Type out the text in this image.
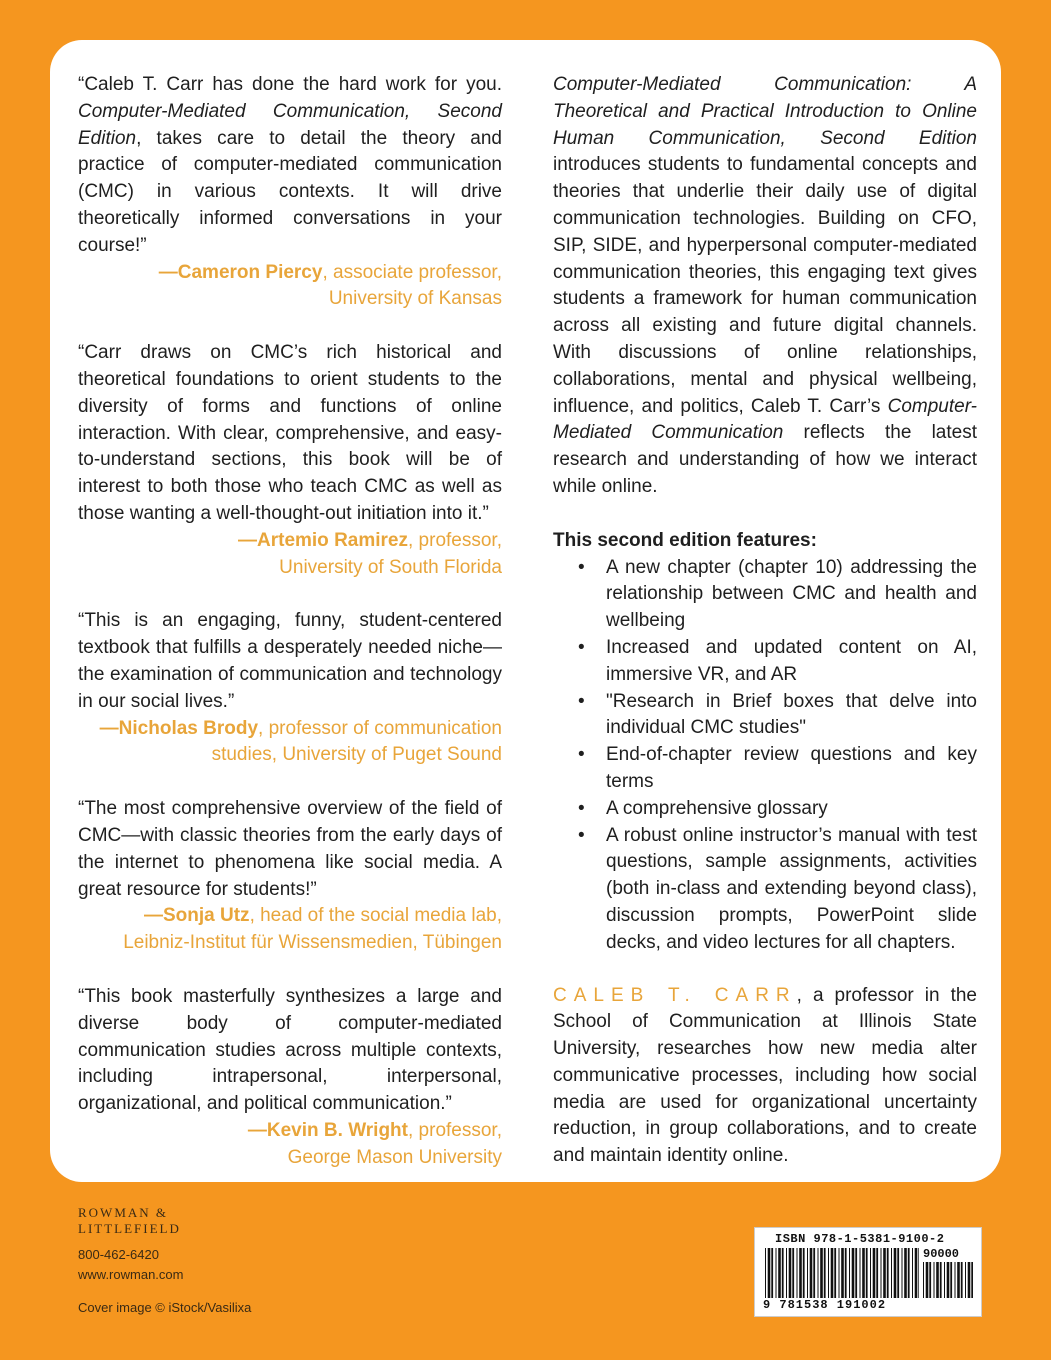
“Caleb T. Carr has done the hard work for you. Computer-Mediated Communication, Second Edition, takes care to detail the theory and practice of computer-mediated communication (CMC) in various contexts. It will drive theoretically informed conversations in your course!”
—Cameron Piercy, associate professor,
University of Kansas
“Carr draws on CMC’s rich historical and theoretical foundations to orient students to the diversity of forms and functions of online interaction. With clear, comprehensive, and easy-to-understand sections, this book will be of interest to both those who teach CMC as well as those wanting a well-thought-out initiation into it.”
—Artemio Ramirez, professor,
University of South Florida
“This is an engaging, funny, student-centered textbook that fulfills a desperately needed niche—the examination of communication and technology in our social lives.”
—Nicholas Brody, professor of communication
studies, University of Puget Sound
“The most comprehensive overview of the field of CMC—with classic theories from the early days of the internet to phenomena like social media. A great resource for students!”
—Sonja Utz, head of the social media lab,
Leibniz-Institut für Wissensmedien, Tübingen
“This book masterfully synthesizes a large and diverse body of computer-mediated communication studies across multiple contexts, including intrapersonal, interpersonal, organizational, and political communication.”
—Kevin B. Wright, professor,
George Mason University
Computer-Mediated Communication: A Theoretical and Practical Introduction to Online Human Communication, Second Edition introduces students to fundamental concepts and theories that underlie their daily use of digital communication technologies. Building on CFO, SIP, SIDE, and hyperpersonal computer-mediated communication theories, this engaging text gives students a framework for human communication across all existing and future digital channels. With discussions of online relationships, collaborations, mental and physical wellbeing, influence, and politics, Caleb T. Carr’s Computer-Mediated Communication reflects the latest research and understanding of how we interact while online.

This second edition features:

• A new chapter (chapter 10) addressing the relationship between CMC and health and wellbeing
• Increased and updated content on AI, immersive VR, and AR
• "Research in Brief boxes that delve into individual CMC studies"
• End-of-chapter review questions and key terms
• A comprehensive glossary
• A robust online instructor’s manual with test questions, sample assignments, activities (both in-class and extending beyond class), discussion prompts, PowerPoint slide decks, and video lectures for all chapters.
CALEB T. CARR, a professor in the School of Communication at Illinois State University, researches how new media alter communicative processes, including how social media are used for organizational uncertainty reduction, in group collaborations, and to create and maintain identity online.
ROWMAN &
LITTLEFIELD
800-462-6420
www.rowman.com
Cover image © iStock/Vasilixa
ISBN 978-1-5381-9100-2
90000
9 781538 191002
